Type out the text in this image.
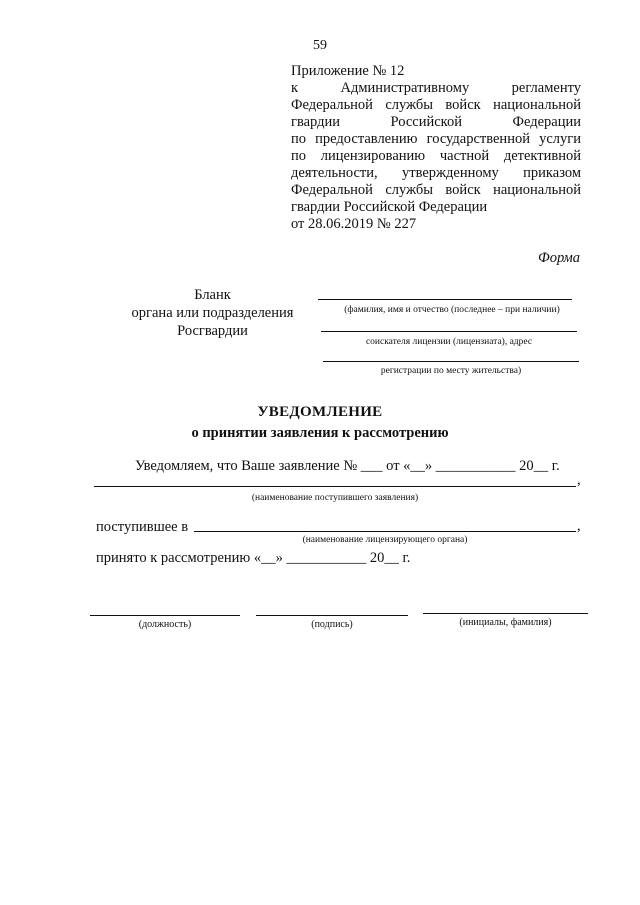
59
Приложение № 12
к Административному регламенту
Федеральной службы войск национальной
гвардии Российской Федерации
по предоставлению государственной услуги
по лицензированию частной детективной
деятельности, утвержденному приказом
Федеральной службы войск национальной
гвардии Российской Федерации
от 28.06.2019 № 227
Форма
Бланк
органа или подразделения
Росгвардии
(фамилия, имя и отчество (последнее – при наличии)
соискателя лицензии (лицензиата), адрес
регистрации по месту жительства)
УВЕДОМЛЕНИЕ
о принятии заявления к рассмотрению
Уведомляем, что Ваше заявление № ___ от «__» ___________ 20__ г.
,
(наименование поступившего заявления)
поступившее в	,
(наименование лицензирующего органа)
принято к рассмотрению «__» ___________ 20__ г.
(должность)	(подпись)	(инициалы, фамилия)
